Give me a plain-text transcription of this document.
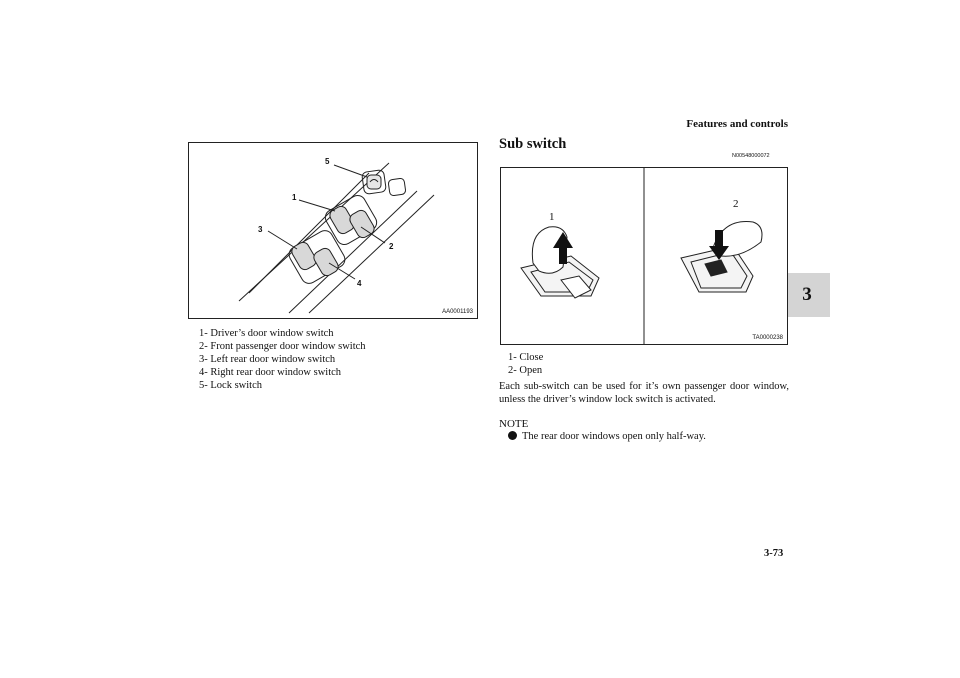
Features and controls
3
5
1
3
2
4
AA0001193
1- Driver’s door window switch
2- Front passenger door window switch
3- Left rear door window switch
4- Right rear door window switch
5- Lock switch
Sub switch
N00548000072
1
2
TA0000238
1- Close
2- Open
Each sub-switch can be used for it’s own passenger door window, unless the driver’s window lock switch is activated.
NOTE
The rear door windows open only half-way.
3-73
